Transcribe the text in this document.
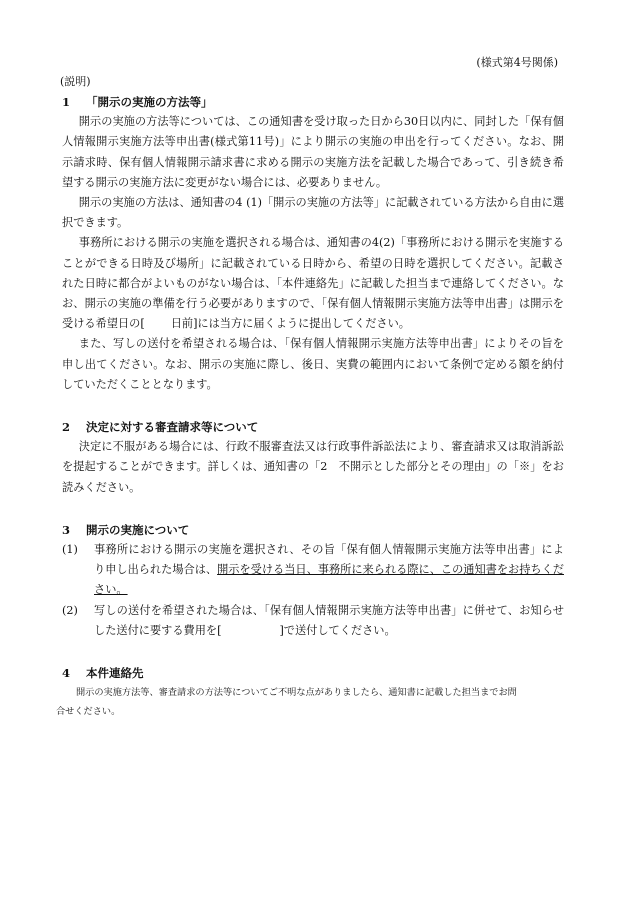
(様式第4号関係)
(説明)
1 「開示の実施の方法等」
開示の実施の方法等については、この通知書を受け取った日から30日以内に、同封した「保有個人情報開示実施方法等申出書(様式第11号)」により開示の実施の申出を行ってください。なお、開示請求時、保有個人情報開示請求書に求める開示の実施方法を記載した場合であって、引き続き希望する開示の実施方法に変更がない場合には、必要ありません。
開示の実施の方法は、通知書の4 (1)「開示の実施の方法等」に記載されている方法から自由に選択できます。
事務所における開示の実施を選択される場合は、通知書の4(2)「事務所における開示を実施することができる日時及び場所」に記載されている日時から、希望の日時を選択してください。記載された日時に都合がよいものがない場合は、「本件連絡先」に記載した担当まで連絡してください。なお、開示の実施の準備を行う必要がありますので、「保有個人情報開示実施方法等申出書」は開示を受ける希望日の[ 日前]には当方に届くように提出してください。
また、写しの送付を希望される場合は、「保有個人情報開示実施方法等申出書」によりその旨を申し出てください。なお、開示の実施に際し、後日、実費の範囲内において条例で定める額を納付していただくこととなります。
2 決定に対する審査請求等について
決定に不服がある場合には、行政不服審査法又は行政事件訴訟法により、審査請求又は取消訴訟を提起することができます。詳しくは、通知書の「2　不開示とした部分とその理由」の「※」をお読みください。
3 開示の実施について
(1)	事務所における開示の実施を選択され、その旨「保有個人情報開示実施方法等申出書」により申し出られた場合は、開示を受ける当日、事務所に来られる際に、この通知書をお持ちください。
(2)	写しの送付を希望された場合は、「保有個人情報開示実施方法等申出書」に併せて、お知らせした送付に要する費用を[	]で送付してください。
4 本件連絡先
開示の実施方法等、審査請求の方法等についてご不明な点がありましたら、通知書に記載した担当までお問
合せください。
